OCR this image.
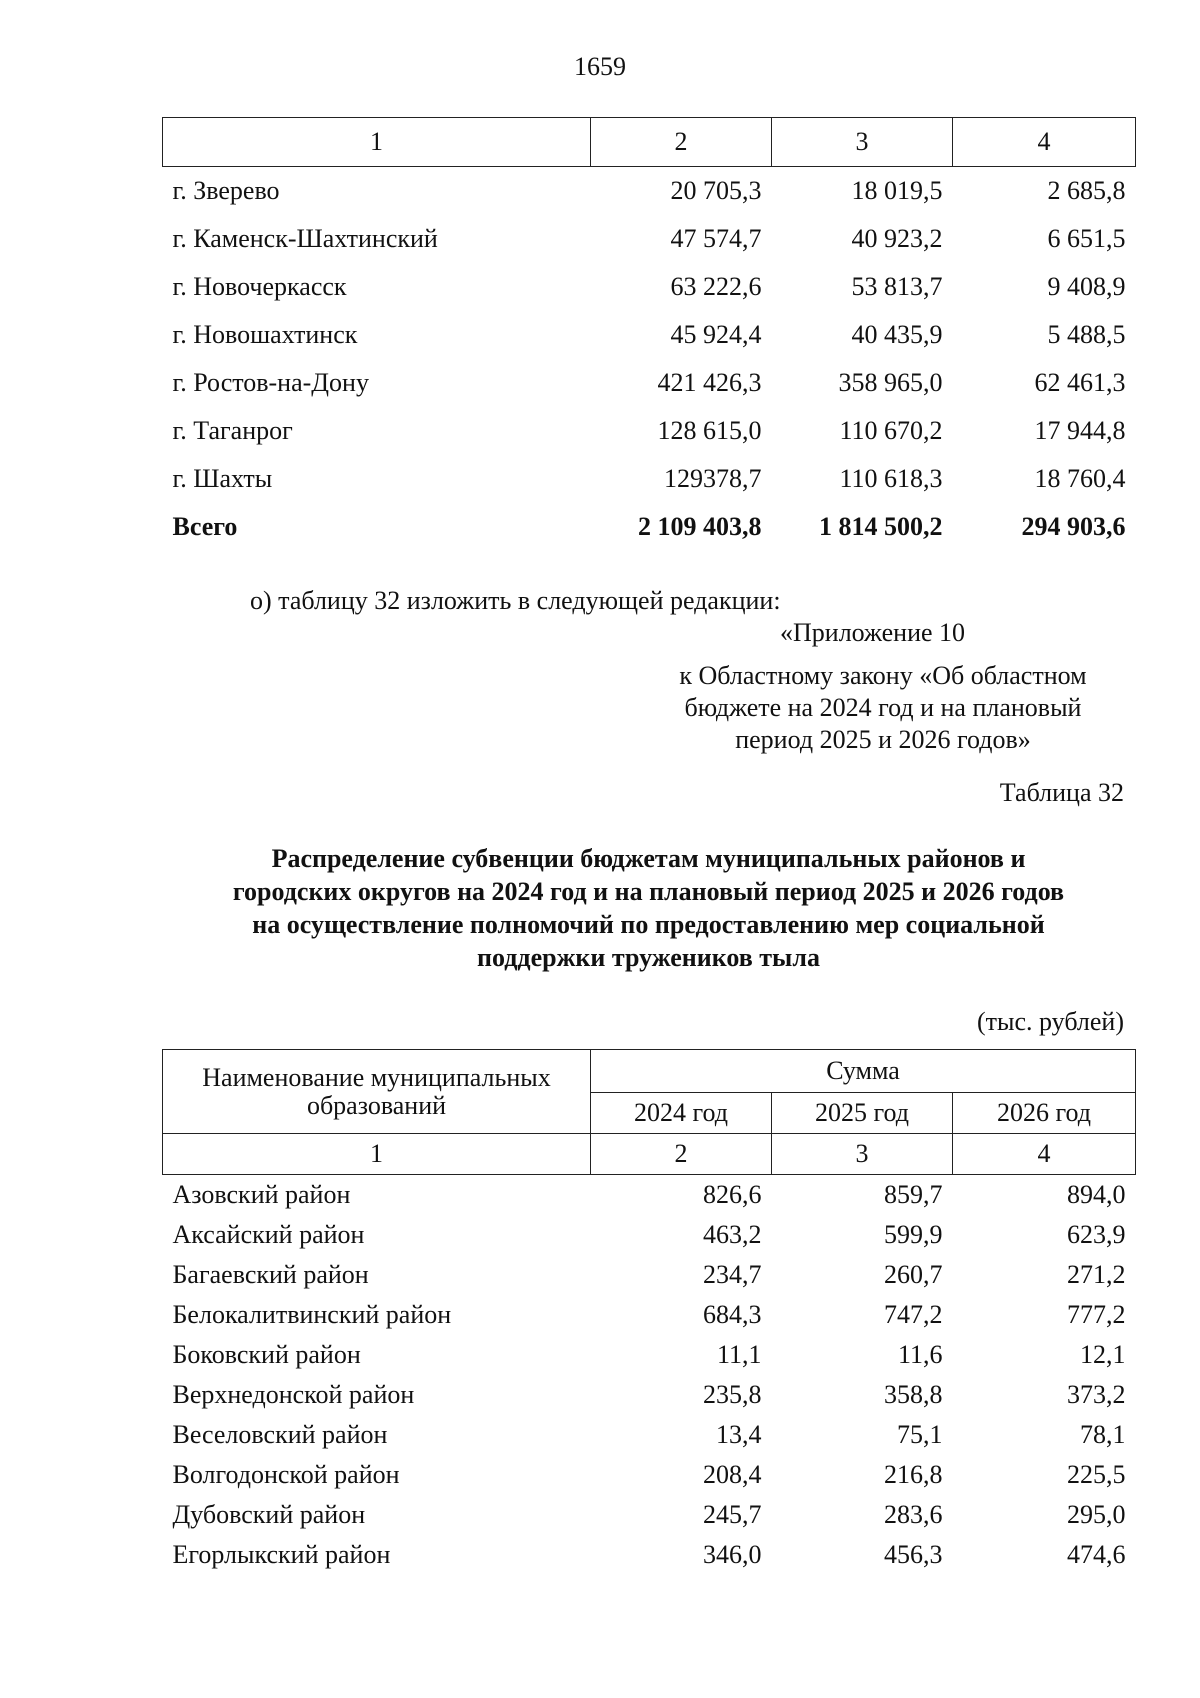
1659
1	2	3	4
г. Зверево	20 705,3	18 019,5	2 685,8
г. Каменск-Шахтинский	47 574,7	40 923,2	6 651,5
г. Новочеркасск	63 222,6	53 813,7	9 408,9
г. Новошахтинск	45 924,4	40 435,9	5 488,5
г. Ростов-на-Дону	421 426,3	358 965,0	62 461,3
г. Таганрог	128 615,0	110 670,2	17 944,8
г. Шахты	129378,7	110 618,3	18 760,4
Всего	2 109 403,8	1 814 500,2	294 903,6
о) таблицу 32 изложить в следующей редакции:
«Приложение 10
к Областному закону «Об областном
бюджете на 2024 год и на плановый
период 2025 и 2026 годов»
Таблица 32
Распределение субвенции бюджетам муниципальных районов и
городских округов на 2024 год и на плановый период 2025 и 2026 годов
на осуществление полномочий по предоставлению мер социальной
поддержки тружеников тыла
(тыс. рублей)
Наименование муниципальных образований	Сумма		
	2024 год	2025 год	2026 год
1	2	3	4
Азовский район	826,6	859,7	894,0
Аксайский район	463,2	599,9	623,9
Багаевский район	234,7	260,7	271,2
Белокалитвинский район	684,3	747,2	777,2
Боковский район	11,1	11,6	12,1
Верхнедонской район	235,8	358,8	373,2
Веселовский район	13,4	75,1	78,1
Волгодонской район	208,4	216,8	225,5
Дубовский район	245,7	283,6	295,0
Егорлыкский район	346,0	456,3	474,6
